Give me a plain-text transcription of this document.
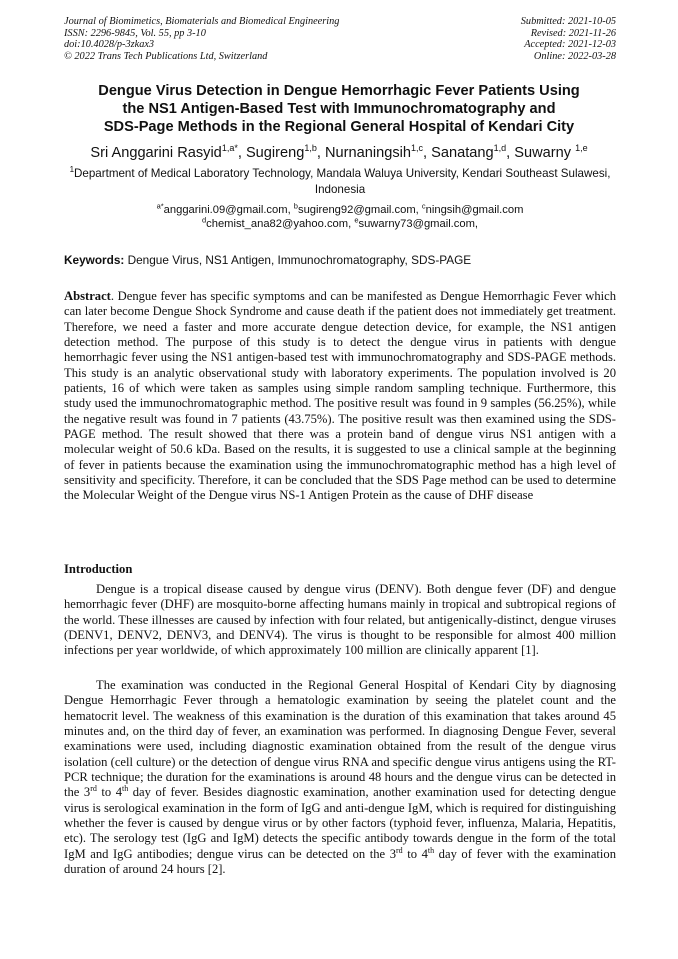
Journal of Biomimetics, Biomaterials and Biomedical Engineering
ISSN: 2296-9845, Vol. 55, pp 3-10
doi:10.4028/p-3zkax3
© 2022 Trans Tech Publications Ltd, Switzerland
Submitted: 2021-10-05
Revised: 2021-11-26
Accepted: 2021-12-03
Online: 2022-03-28
Dengue Virus Detection in Dengue Hemorrhagic Fever Patients Using
the NS1 Antigen-Based Test with Immunochromatography and
SDS-Page Methods in the Regional General Hospital of Kendari City
Sri Anggarini Rasyid$^{1,a*}$, Sugireng$^{1,b}$, Nurnaningsih$^{1,c}$, Sanatang$^{1,d}$, Suwarny $^{1,e}$
$^1$Department of Medical Laboratory Technology, Mandala Waluya University, Kendari Southeast Sulawesi, Indonesia
$^{a*}$anggarini.09@gmail.com, $^b$sugireng92@gmail.com, $^c$ningsih@gmail.com
$^d$chemist_ana82@yahoo.com, $^e$suwarny73@gmail.com,
Keywords: Dengue Virus, NS1 Antigen, Immunochromatography, SDS-PAGE
Abstract. Dengue fever has specific symptoms and can be manifested as Dengue Hemorrhagic Fever which can later become Dengue Shock Syndrome and cause death if the patient does not immediately get treatment. Therefore, we need a faster and more accurate dengue detection device, for example, the NS1 antigen detection method. The purpose of this study is to detect the dengue virus in patients with dengue hemorrhagic fever using the NS1 antigen-based test with immunochromatography and SDS-PAGE methods. This study is an analytic observational study with laboratory experiments. The population involved is 20 patients, 16 of which were taken as samples using simple random sampling technique. Furthermore, this study used the immunochromatographic method. The positive result was found in 9 samples (56.25%), while the negative result was found in 7 patients (43.75%). The positive result was then examined using the SDS-PAGE method. The result showed that there was a protein band of dengue virus NS1 antigen with a molecular weight of 50.6 kDa. Based on the results, it is suggested to use a clinical sample at the beginning of fever in patients because the examination using the immunochromatographic method has a high level of sensitivity and specificity. Therefore, it can be concluded that the SDS Page method can be used to determine the Molecular Weight of the Dengue virus NS-1 Antigen Protein as the cause of DHF disease
Introduction
Dengue is a tropical disease caused by dengue virus (DENV). Both dengue fever (DF) and dengue hemorrhagic fever (DHF) are mosquito-borne affecting humans mainly in tropical and subtropical regions of the world. These illnesses are caused by infection with four related, but antigenically-distinct, dengue viruses (DENV1, DENV2, DENV3, and DENV4). The virus is thought to be responsible for almost 400 million infections per year worldwide, of which approximately 100 million are clinically apparent [1].
The examination was conducted in the Regional General Hospital of Kendari City by diagnosing Dengue Hemorrhagic Fever through a hematologic examination by seeing the platelet count and the hematocrit level. The weakness of this examination is the duration of this examination that takes around 45 minutes and, on the third day of fever, an examination was performed. In diagnosing Dengue Fever, several examinations were used, including diagnostic examination obtained from the result of the dengue virus isolation (cell culture) or the detection of dengue virus RNA and specific dengue virus antigens using the RT-PCR technique; the duration for the examinations is around 48 hours and the dengue virus can be detected in the 3rd to 4th day of fever. Besides diagnostic examination, another examination used for detecting dengue virus is serological examination in the form of IgG and anti-dengue IgM, which is required for distinguishing whether the fever is caused by dengue virus or by other factors (typhoid fever, influenza, Malaria, Hepatitis, etc). The serology test (IgG and IgM) detects the specific antibody towards dengue in the form of the total IgM and IgG antibodies; dengue virus can be detected on the 3rd to 4th day of fever with the examination duration of around 24 hours [2].
